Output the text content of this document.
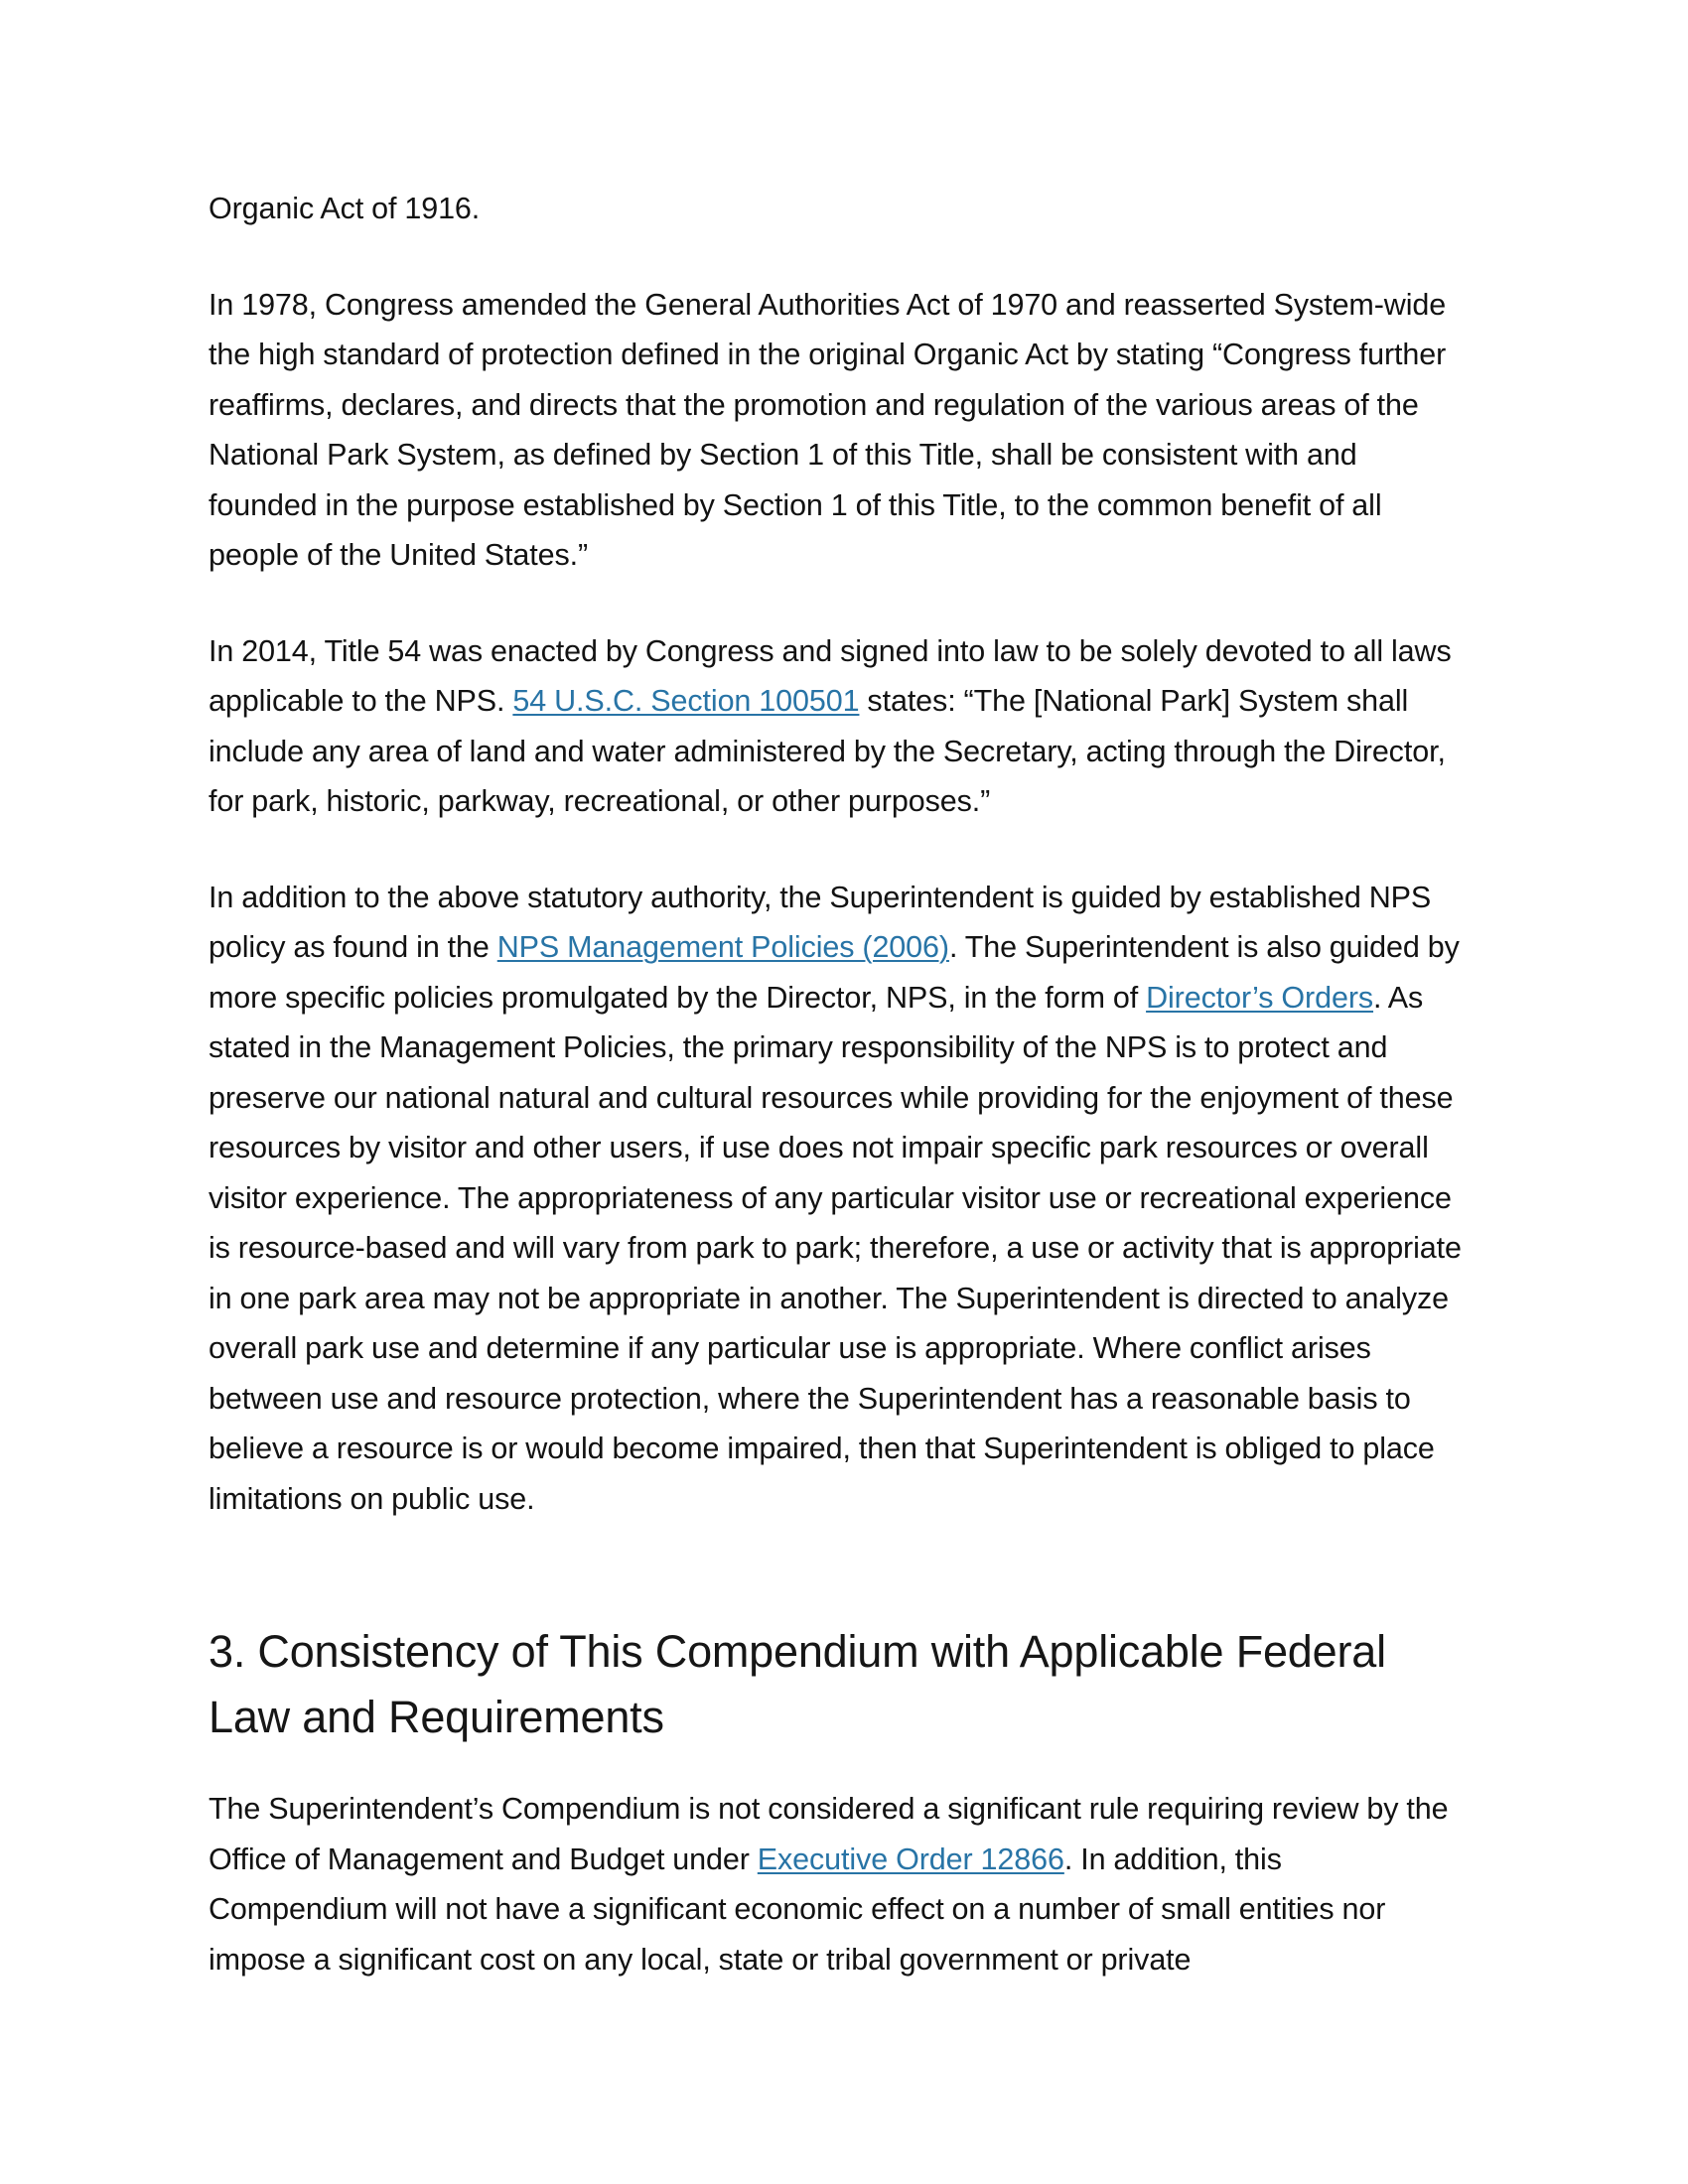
Organic Act of 1916.

In 1978, Congress amended the General Authorities Act of 1970 and reasserted System-wide the high standard of protection defined in the original Organic Act by stating “Congress further reaffirms, declares, and directs that the promotion and regulation of the various areas of the National Park System, as defined by Section 1 of this Title, shall be consistent with and founded in the purpose established by Section 1 of this Title, to the common benefit of all people of the United States.”

In 2014, Title 54 was enacted by Congress and signed into law to be solely devoted to all laws applicable to the NPS. 54 U.S.C. Section 100501 states: “The [National Park] System shall include any area of land and water administered by the Secretary, acting through the Director, for park, historic, parkway, recreational, or other purposes.”

In addition to the above statutory authority, the Superintendent is guided by established NPS policy as found in the NPS Management Policies (2006). The Superintendent is also guided by more specific policies promulgated by the Director, NPS, in the form of Director’s Orders. As stated in the Management Policies, the primary responsibility of the NPS is to protect and preserve our national natural and cultural resources while providing for the enjoyment of these resources by visitor and other users, if use does not impair specific park resources or overall visitor experience. The appropriateness of any particular visitor use or recreational experience is resource-based and will vary from park to park; therefore, a use or activity that is appropriate in one park area may not be appropriate in another. The Superintendent is directed to analyze overall park use and determine if any particular use is appropriate. Where conflict arises between use and resource protection, where the Superintendent has a reasonable basis to believe a resource is or would become impaired, then that Superintendent is obliged to place limitations on public use.

3. Consistency of This Compendium with Applicable Federal Law and Requirements

The Superintendent’s Compendium is not considered a significant rule requiring review by the Office of Management and Budget under Executive Order 12866. In addition, this Compendium will not have a significant economic effect on a number of small entities nor impose a significant cost on any local, state or tribal government or private
